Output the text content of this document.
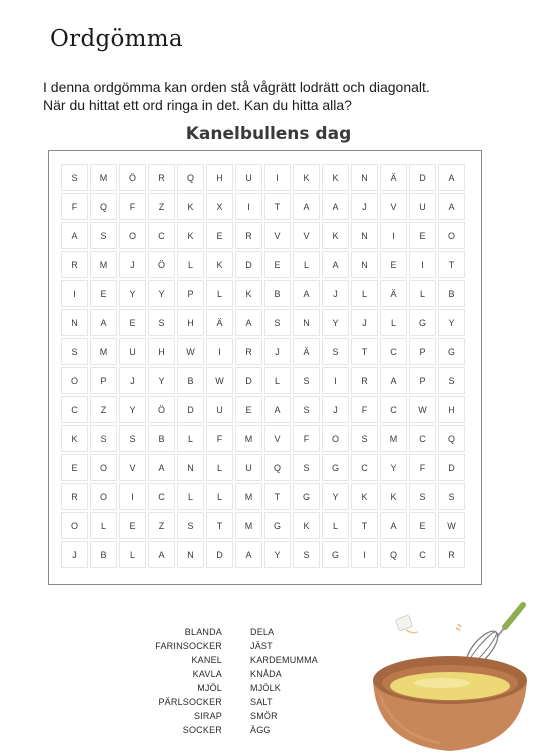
Ordgömma
I denna ordgömma kan orden stå vågrätt lodrätt och diagonalt.
När du hittat ett ord ringa in det. Kan du hitta alla?
Kanelbullens dag
S	M	Ö	R	Q	H	U	I	K	K	N	Ä	D	A
F	Q	F	Z	K	X	I	T	A	A	J	V	U	A
A	S	O	C	K	E	R	V	V	K	N	I	E	O
R	M	J	Ö	L	K	D	E	L	A	N	E	I	T
I	E	Y	Y	P	L	K	B	A	J	L	Ä	L	B
N	A	E	S	H	Ä	A	S	N	Y	J	L	G	Y
S	M	U	H	W	I	R	J	Ä	S	T	C	P	G
O	P	J	Y	B	W	D	L	S	I	R	A	P	S
C	Z	Y	Ö	D	U	E	A	S	J	F	C	W	H
K	S	S	B	L	F	M	V	F	O	S	M	C	Q
E	O	V	A	N	L	U	Q	S	G	C	Y	F	D
R	O	I	C	L	L	M	T	G	Y	K	K	S	S
O	L	E	Z	S	T	M	G	K	L	T	A	E	W
J	B	L	A	N	D	A	Y	S	G	I	Q	C	R
BLANDA
FARINSOCKER
KANEL
KAVLA
MJÖL
PÄRLSOCKER
SIRAP
SOCKER
DELA
JÄST
KARDEMUMMA
KNÅDA
MJÖLK
SALT
SMÖR
ÄGG
